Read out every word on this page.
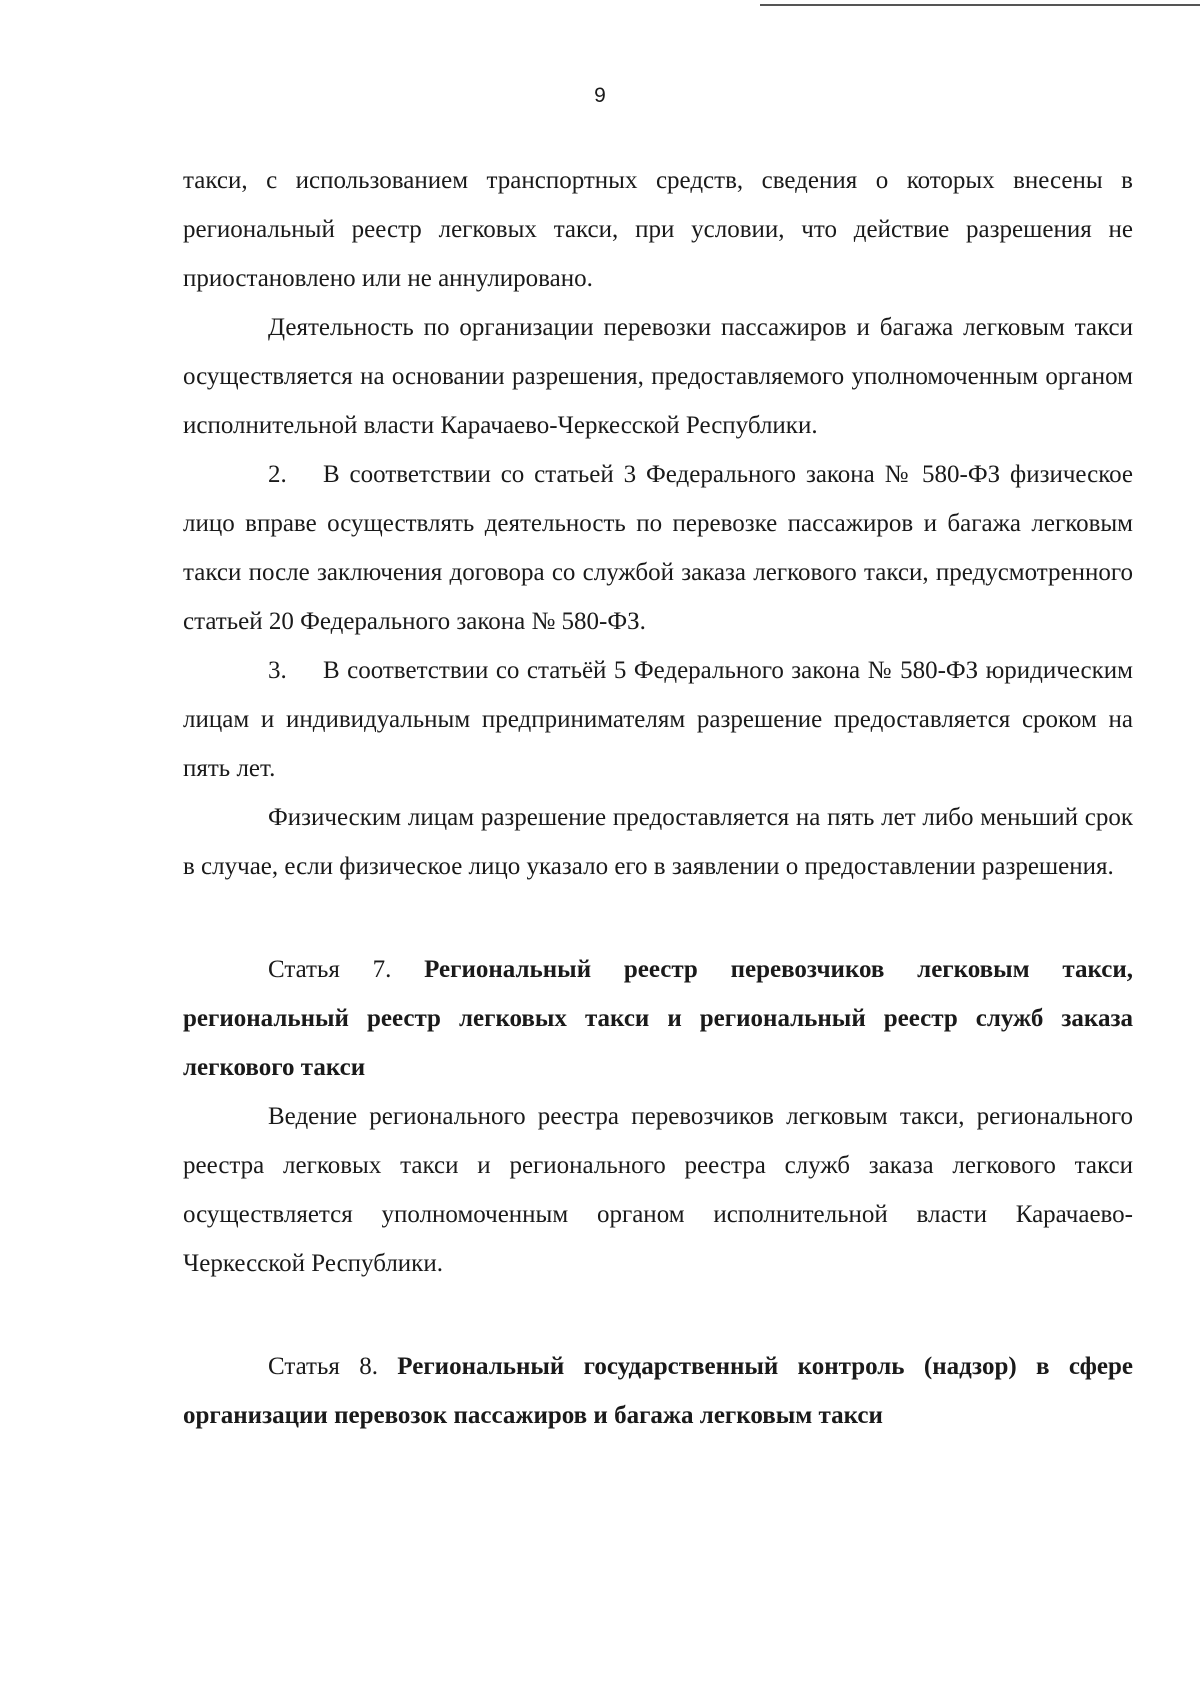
9

такси, с использованием транспортных средств, сведения о которых внесены в региональный реестр легковых такси, при условии, что действие разрешения не приостановлено или не аннулировано.

Деятельность по организации перевозки пассажиров и багажа легковым такси осуществляется на основании разрешения, предоставляемого уполномоченным органом исполнительной власти Карачаево-Черкесской Республики.

2. В соответствии со статьей 3 Федерального закона № 580-ФЗ физическое лицо вправе осуществлять деятельность по перевозке пассажиров и багажа легковым такси после заключения договора со службой заказа легкового такси, предусмотренного статьей 20 Федерального закона № 580-ФЗ.

3. В соответствии со статьёй 5 Федерального закона № 580-ФЗ юридическим лицам и индивидуальным предпринимателям разрешение предоставляется сроком на пять лет.

Физическим лицам разрешение предоставляется на пять лет либо меньший срок в случае, если физическое лицо указало его в заявлении о предоставлении разрешения.

Статья 7. Региональный реестр перевозчиков легковым такси, региональный реестр легковых такси и региональный реестр служб заказа легкового такси

Ведение регионального реестра перевозчиков легковым такси, регионального реестра легковых такси и регионального реестра служб заказа легкового такси осуществляется уполномоченным органом исполнительной власти Карачаево-Черкесской Республики.

Статья 8. Региональный государственный контроль (надзор) в сфере организации перевозок пассажиров и багажа легковым такси
